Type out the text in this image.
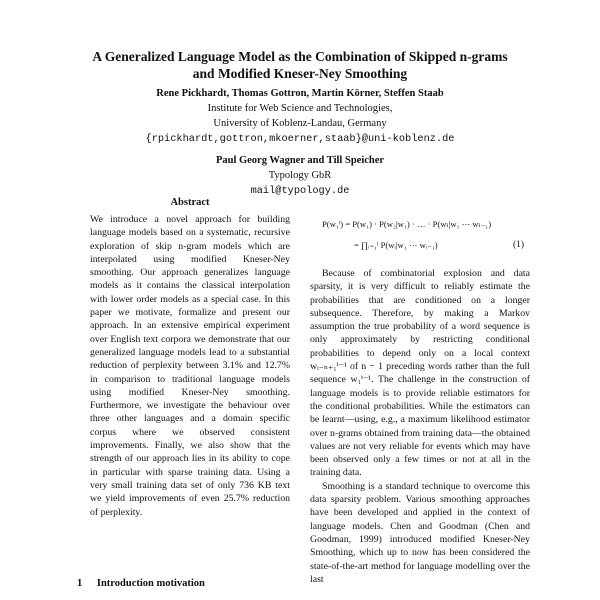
A Generalized Language Model as the Combination of Skipped n-grams
and Modified Kneser-Ney Smoothing
Rene Pickhardt, Thomas Gottron, Martin Körner, Steffen Staab
Institute for Web Science and Technologies,
University of Koblenz-Landau, Germany
{rpickhardt,gottron,mkoerner,staab}@uni-koblenz.de
Paul Georg Wagner and Till Speicher
Typology GbR
mail@typology.de
Abstract

We introduce a novel approach for building language models based on a systematic, recursive exploration of skip n-gram models which are interpolated using modified Kneser-Ney smoothing. Our approach generalizes language models as it contains the classical interpolation with lower order models as a special case. In this paper we motivate, formalize and present our approach. In an extensive empirical experiment over English text corpora we demonstrate that our generalized language models lead to a substantial reduction of perplexity between 3.1% and 12.7% in comparison to traditional language models using modified Kneser-Ney smoothing. Furthermore, we investigate the behaviour over three other languages and a domain specific corpus where we observed consistent improvements. Finally, we also show that the strength of our approach lies in its ability to cope in particular with sparse training data. Using a very small training data set of only 736 KB text we yield improvements of even 25.7% reduction of perplexity.

1 Introduction motivation
P(w₁ˡ) = P(w₁) · P(w₂|w₁) · … · P(wₗ|w₁ ⋯ wₗ₋₁)
= ∏ᵢ₌₁ˡ P(wᵢ|w₁ ⋯ wᵢ₋₁)	(1)

Because of combinatorial explosion and data sparsity, it is very difficult to reliably estimate the probabilities that are conditioned on a longer subsequence. Therefore, by making a Markov assumption the true probability of a word sequence is only approximately by restricting conditional probabilities to depend only on a local context wᵢ₋ₙ₊₁ⁱ⁻¹ of n − 1 preceding words rather than the full sequence w₁ⁱ⁻¹. The challenge in the construction of language models is to provide reliable estimators for the conditional probabilities. While the estimators can be learnt—using, e.g., a maximum likelihood estimator over n-grams obtained from training data—the obtained values are not very reliable for events which may have been observed only a few times or not at all in the training data.

Smoothing is a standard technique to overcome this data sparsity problem. Various smoothing approaches have been developed and applied in the context of language models. Chen and Goodman (Chen and Goodman, 1999) introduced modified Kneser-Ney Smoothing, which up to now has been considered the state-of-the-art method for language modelling over the last
